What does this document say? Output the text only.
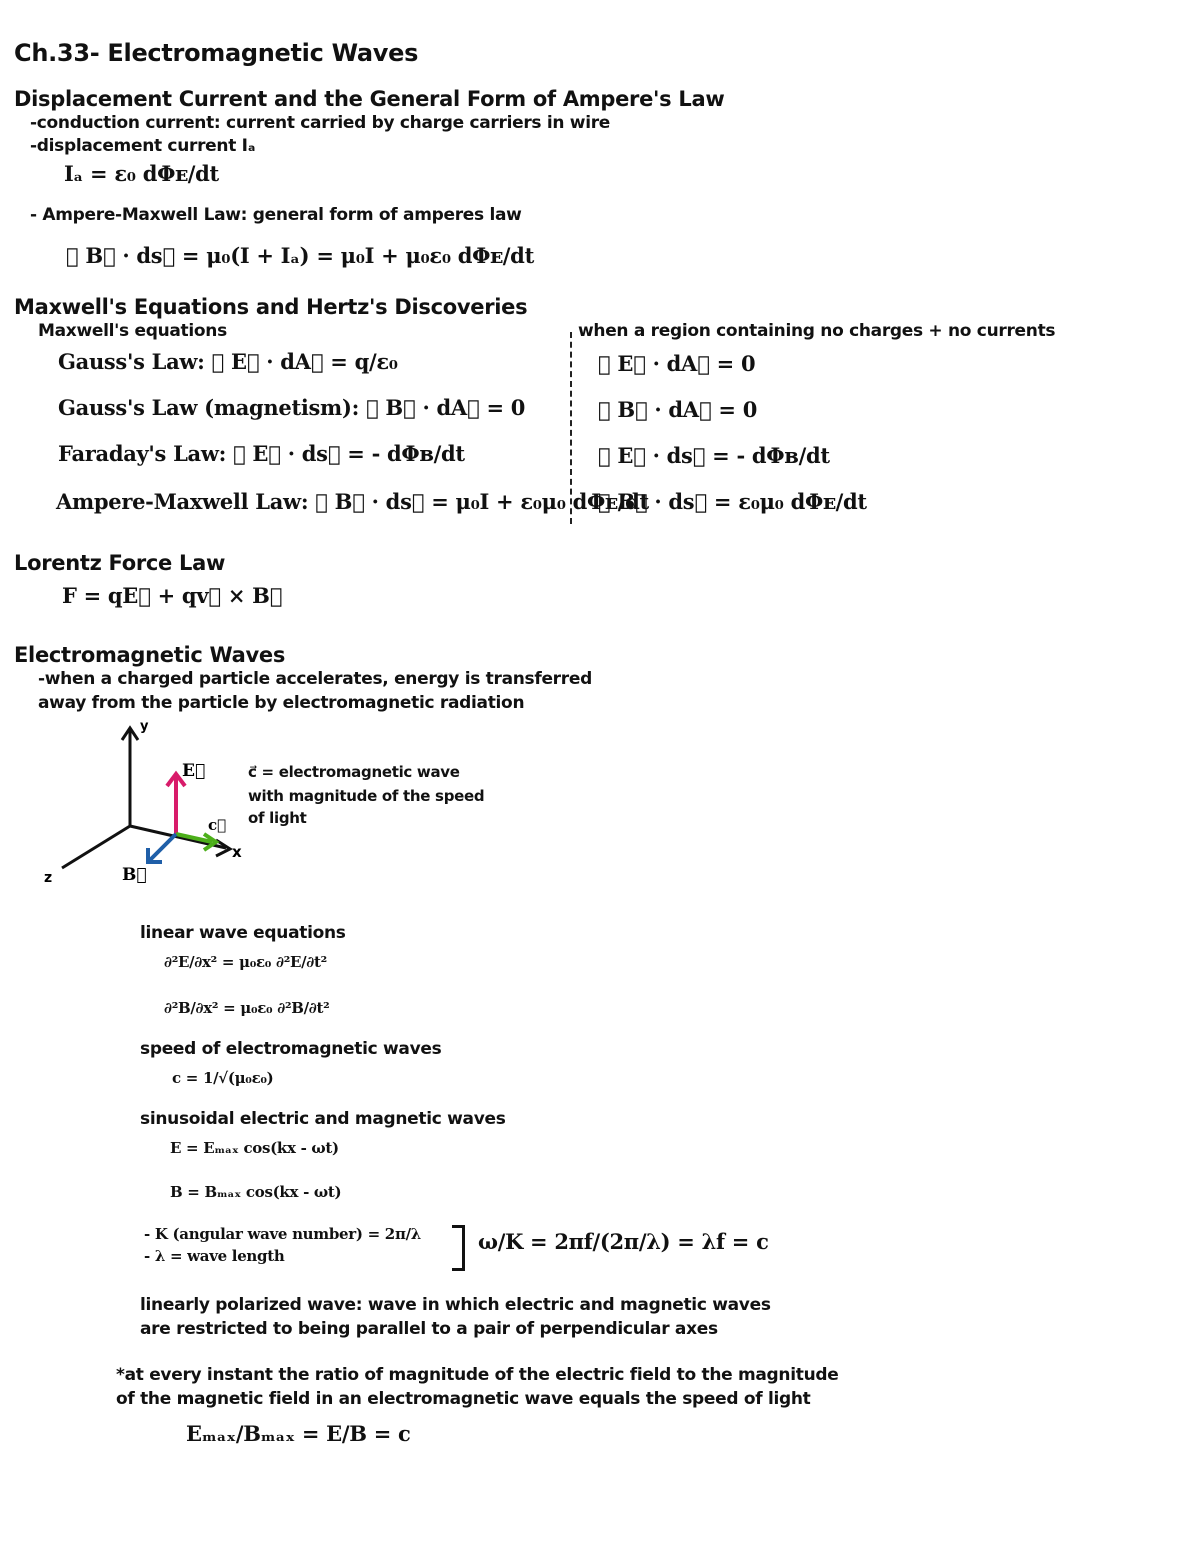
Ch.33- Electromagnetic Waves
Displacement Current and the General Form of Ampere's Law
-conduction current: current carried by charge carriers in wire
-displacement current Iₐ
Iₐ = ε₀ dΦᴇ/dt
- Ampere-Maxwell Law: general form of amperes law
∮ B⃗ · ds⃗ = μ₀(I + Iₐ) = μ₀I + μ₀ε₀ dΦᴇ/dt
Maxwell's Equations and Hertz's Discoveries
Maxwell's equations
Gauss's Law: ∮ E⃗ · dA⃗ = q/ε₀
Gauss's Law (magnetism): ∮ B⃗ · dA⃗ = 0
Faraday's Law: ∮ E⃗ · ds⃗ = - dΦʙ/dt
Ampere-Maxwell Law: ∮ B⃗ · ds⃗ = μ₀I + ε₀μ₀ dΦᴇ/dt
when a region containing no charges + no currents
∮ E⃗ · dA⃗ = 0
∮ B⃗ · dA⃗ = 0
∮ E⃗ · ds⃗ = - dΦʙ/dt
∮ B⃗ · ds⃗ = ε₀μ₀ dΦᴇ/dt
Lorentz Force Law
F = qE⃗ + qv⃗ × B⃗
Electromagnetic Waves
-when a charged particle accelerates, energy is transferred
away from the particle by electromagnetic radiation
y
z
x
E⃗
c⃗
B⃗
c⃗ = electromagnetic wave
with magnitude of the speed
of light
linear wave equations
∂²E/∂x² = μ₀ε₀ ∂²E/∂t²
∂²B/∂x² = μ₀ε₀ ∂²B/∂t²
speed of electromagnetic waves
c = 1/√(μ₀ε₀)
sinusoidal electric and magnetic waves
E = Eₘₐₓ cos(kx - ωt)
B = Bₘₐₓ cos(kx - ωt)
- K (angular wave number) = 2π/λ
- λ = wave length
ω/K = 2πf/(2π/λ) = λf = c
linearly polarized wave: wave in which electric and magnetic waves
are restricted to being parallel to a pair of perpendicular axes
*at every instant the ratio of magnitude of the electric field to the magnitude
of the magnetic field in an electromagnetic wave equals the speed of light
Eₘₐₓ/Bₘₐₓ = E/B = c
